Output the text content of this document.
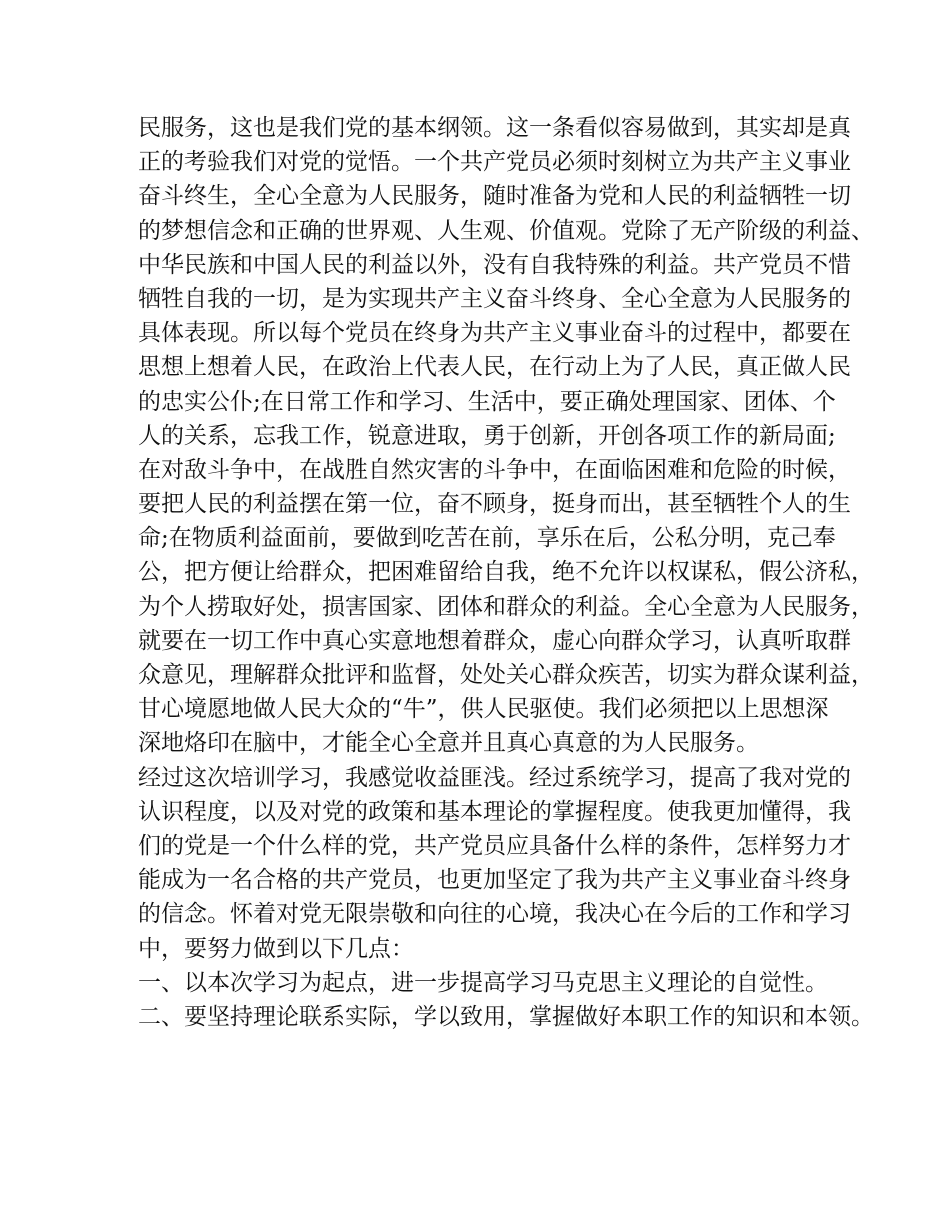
民服务，这也是我们党的基本纲领。这一条看似容易做到，其实却是真
正的考验我们对党的觉悟。一个共产党员必须时刻树立为共产主义事业
奋斗终生，全心全意为人民服务，随时准备为党和人民的利益牺牲一切
的梦想信念和正确的世界观、人生观、价值观。党除了无产阶级的利益、
中华民族和中国人民的利益以外，没有自我特殊的利益。共产党员不惜
牺牲自我的一切，是为实现共产主义奋斗终身、全心全意为人民服务的
具体表现。所以每个党员在终身为共产主义事业奋斗的过程中，都要在
思想上想着人民，在政治上代表人民，在行动上为了人民，真正做人民
的忠实公仆;在日常工作和学习、生活中，要正确处理国家、团体、个
人的关系，忘我工作，锐意进取，勇于创新，开创各项工作的新局面;
在对敌斗争中，在战胜自然灾害的斗争中，在面临困难和危险的时候，
要把人民的利益摆在第一位，奋不顾身，挺身而出，甚至牺牲个人的生
命;在物质利益面前，要做到吃苦在前，享乐在后，公私分明，克己奉
公，把方便让给群众，把困难留给自我，绝不允许以权谋私，假公济私，
为个人捞取好处，损害国家、团体和群众的利益。全心全意为人民服务，
就要在一切工作中真心实意地想着群众，虚心向群众学习，认真听取群
众意见，理解群众批评和监督，处处关心群众疾苦，切实为群众谋利益，
甘心境愿地做人民大众的“牛”，供人民驱使。我们必须把以上思想深
深地烙印在脑中，才能全心全意并且真心真意的为人民服务。
经过这次培训学习，我感觉收益匪浅。经过系统学习，提高了我对党的
认识程度，以及对党的政策和基本理论的掌握程度。使我更加懂得，我
们的党是一个什么样的党，共产党员应具备什么样的条件，怎样努力才
能成为一名合格的共产党员，也更加坚定了我为共产主义事业奋斗终身
的信念。怀着对党无限崇敬和向往的心境，我决心在今后的工作和学习
中，要努力做到以下几点：
一、以本次学习为起点，进一步提高学习马克思主义理论的自觉性。
二、要坚持理论联系实际，学以致用，掌握做好本职工作的知识和本领。
